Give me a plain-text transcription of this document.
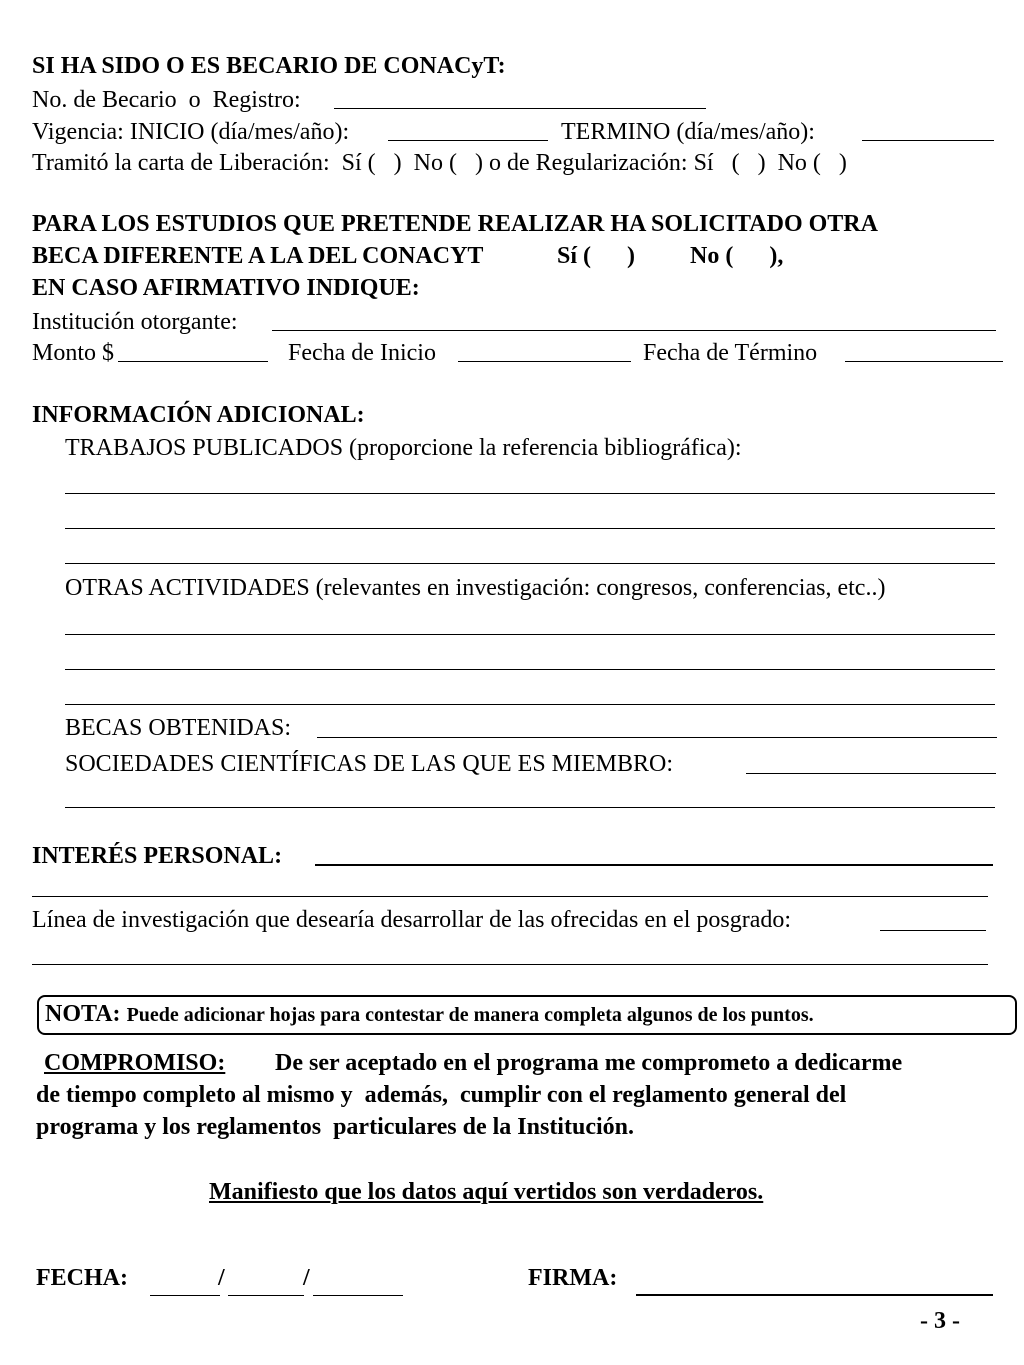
SI HA SIDO O ES BECARIO DE CONACyT:
No. de Becario  o  Registro:
Vigencia: INICIO (día/mes/año):	TERMINO (día/mes/año):
Tramitó la carta de Liberación:  Sí (   )  No (   ) o de Regularización: Sí   (   )  No (   )
PARA LOS ESTUDIOS QUE PRETENDE REALIZAR HA SOLICITADO OTRA
BECA DIFERENTE A LA DEL CONACYT	Sí (      ) No (      ),
EN CASO AFIRMATIVO INDIQUE:
Institución otorgante:
Monto $	Fecha de Inicio	Fecha de Término
INFORMACIÓN ADICIONAL:
TRABAJOS PUBLICADOS (proporcione la referencia bibliográfica):
OTRAS ACTIVIDADES (relevantes en investigación: congresos, conferencias, etc..)
BECAS OBTENIDAS:
SOCIEDADES CIENTÍFICAS DE LAS QUE ES MIEMBRO:
INTERÉS PERSONAL:
Línea de investigación que desearía desarrollar de las ofrecidas en el posgrado:
NOTA: Puede adicionar hojas para contestar de manera completa algunos de los puntos.
COMPROMISO: De ser aceptado en el programa me comprometo a dedicarme
de tiempo completo al mismo y  además,  cumplir con el reglamento general del
programa y los reglamentos  particulares de la Institución.
Manifiesto que los datos aquí vertidos son verdaderos.
FECHA:	/	/	FIRMA:
- 3 -
